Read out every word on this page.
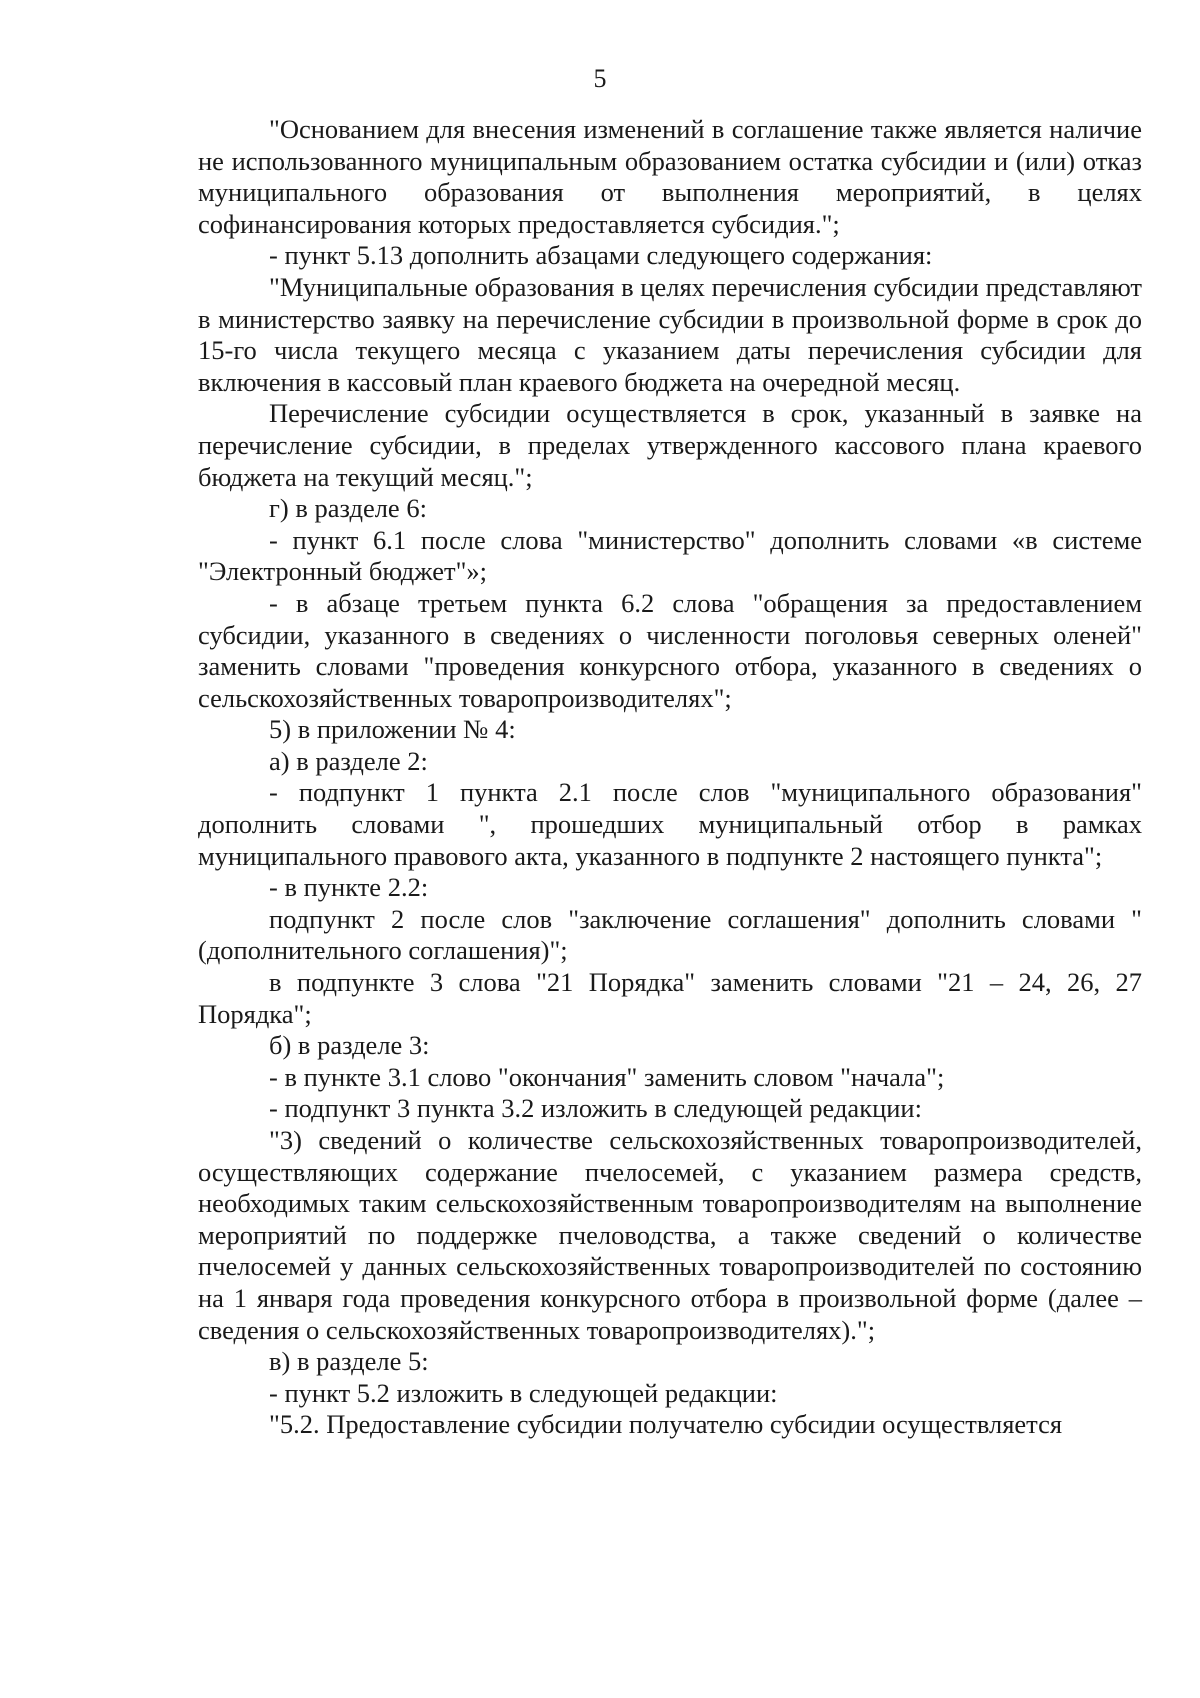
5

"Основанием для внесения изменений в соглашение также является наличие не использованного муниципальным образованием остатка субсидии и (или) отказ муниципального образования от выполнения мероприятий, в целях софинансирования которых предоставляется субсидия.";

- пункт 5.13 дополнить абзацами следующего содержания:

"Муниципальные образования в целях перечисления субсидии представляют в министерство заявку на перечисление субсидии в произвольной форме в срок до 15-го числа текущего месяца с указанием даты перечисления субсидии для включения в кассовый план краевого бюджета на очередной месяц.

Перечисление субсидии осуществляется в срок, указанный в заявке на перечисление субсидии, в пределах утвержденного кассового плана краевого бюджета на текущий месяц.";

г) в разделе 6:

- пункт 6.1 после слова "министерство" дополнить словами «в системе "Электронный бюджет"»;

- в абзаце третьем пункта 6.2 слова "обращения за предоставлением субсидии, указанного в сведениях о численности поголовья северных оленей" заменить словами "проведения конкурсного отбора, указанного в сведениях о сельскохозяйственных товаропроизводителях";

5) в приложении № 4:

а) в разделе 2:

- подпункт 1 пункта 2.1 после слов "муниципального образования" дополнить словами ", прошедших муниципальный отбор в рамках муниципального правового акта, указанного в подпункте 2 настоящего пункта";

- в пункте 2.2:

подпункт 2 после слов "заключение соглашения" дополнить словами "(дополнительного соглашения)";

в подпункте 3 слова "21 Порядка" заменить словами "21 – 24, 26, 27 Порядка";

б) в разделе 3:

- в пункте 3.1 слово "окончания" заменить словом "начала";

- подпункт 3 пункта 3.2 изложить в следующей редакции:

"3) сведений о количестве сельскохозяйственных товаропроизводителей, осуществляющих содержание пчелосемей, с указанием размера средств, необходимых таким сельскохозяйственным товаропроизводителям на выполнение мероприятий по поддержке пчеловодства, а также сведений о количестве пчелосемей у данных сельскохозяйственных товаропроизводителей по состоянию на 1 января года проведения конкурсного отбора в произвольной форме (далее – сведения о сельскохозяйственных товаропроизводителях).";

в) в разделе 5:

- пункт 5.2 изложить в следующей редакции:

"5.2. Предоставление субсидии получателю субсидии осуществляется
